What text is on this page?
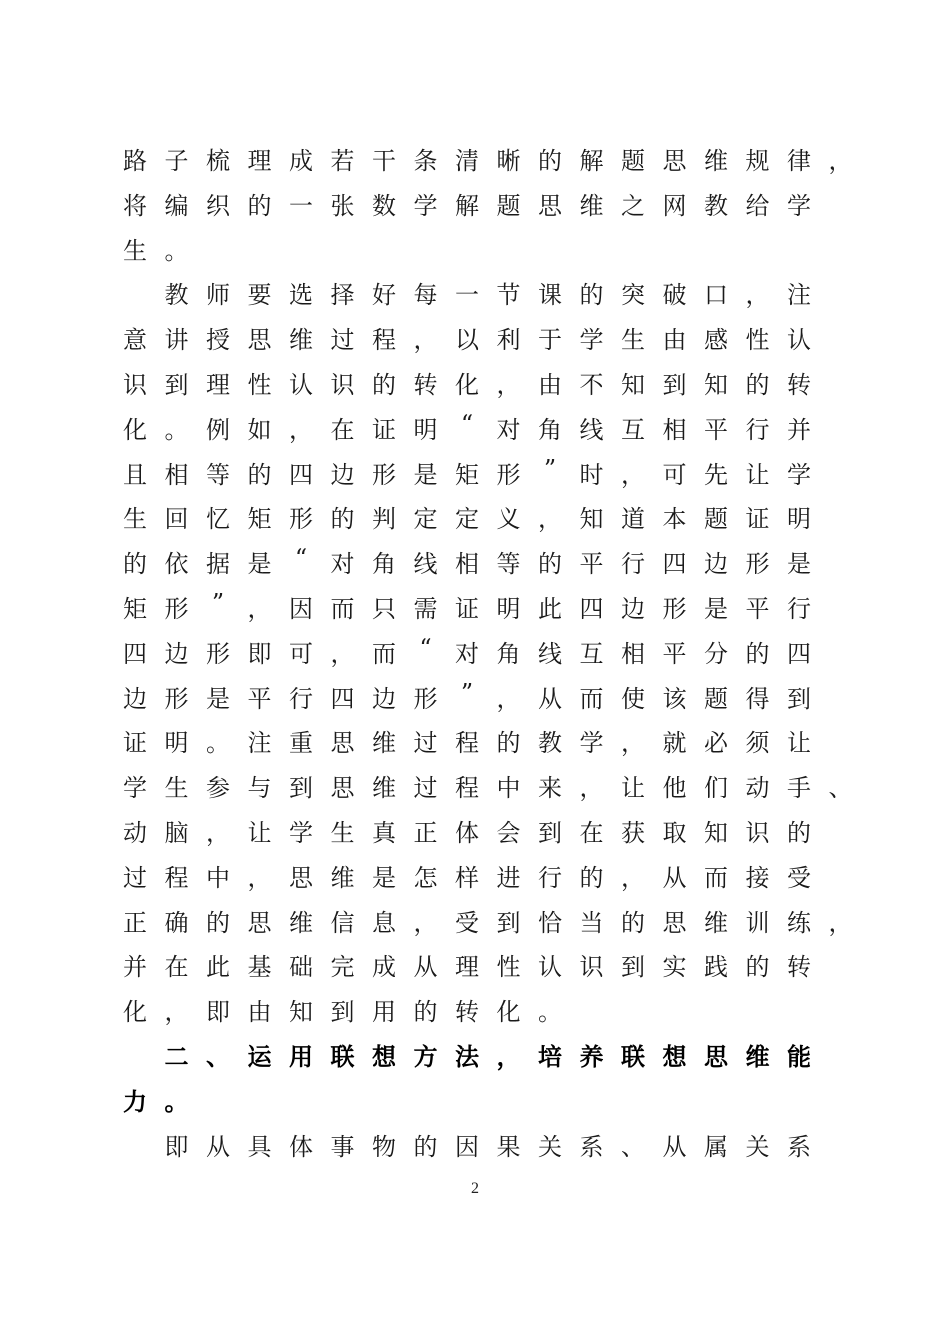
路 子 梳 理 成 若 干 条 清 晰 的 解 题 思 维 规 律 ，
将 编 织 的 一 张 数 学 解 题 思 维 之 网 教 给 学
生 。
教 师 要 选 择 好 每 一 节 课 的 突 破 口 ， 注
意 讲 授 思 维 过 程 ， 以 利 于 学 生 由 感 性 认
识 到 理 性 认 识 的 转 化 ， 由 不 知 到 知 的 转
化 。 例 如 ， 在 证 明 “ 对 角 线 互 相 平 行 并
且 相 等 的 四 边 形 是 矩 形 ” 时 ， 可 先 让 学
生 回 忆 矩 形 的 判 定 定 义 ， 知 道 本 题 证 明
的 依 据 是 “ 对 角 线 相 等 的 平 行 四 边 形 是
矩 形 ” ， 因 而 只 需 证 明 此 四 边 形 是 平 行
四 边 形 即 可 ， 而 “ 对 角 线 互 相 平 分 的 四
边 形 是 平 行 四 边 形 ” ， 从 而 使 该 题 得 到
证 明 。 注 重 思 维 过 程 的 教 学 ， 就 必 须 让
学 生 参 与 到 思 维 过 程 中 来 ， 让 他 们 动 手 、
动 脑 ， 让 学 生 真 正 体 会 到 在 获 取 知 识 的
过 程 中 ， 思 维 是 怎 样 进 行 的 ， 从 而 接 受
正 确 的 思 维 信 息 ， 受 到 恰 当 的 思 维 训 练 ，
并 在 此 基 础 完 成 从 理 性 认 识 到 实 践 的 转
化 ， 即 由 知 到 用 的 转 化 。
二 、 运 用 联 想 方 法 ， 培 养 联 想 思 维 能
力 。
即 从 具 体 事 物 的 因 果 关 系 、 从 属 关 系
2
